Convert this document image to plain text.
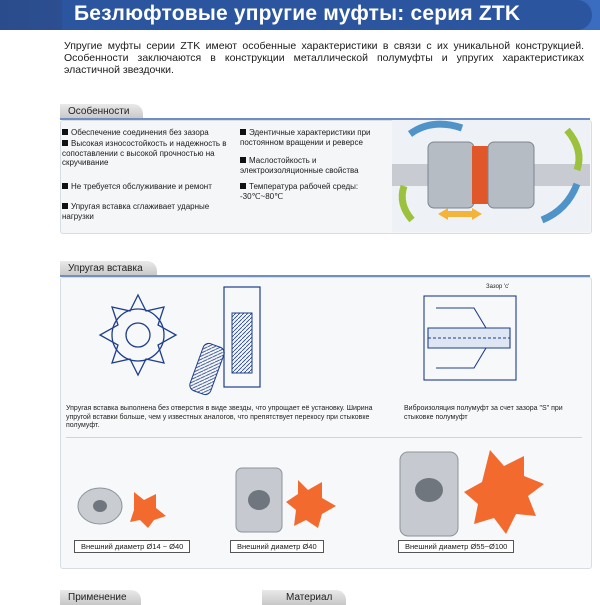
Безлюфтовые упругие муфты: серия ZTK
Упругие муфты серии ZTK имеют особенные характеристики в связи с их уникальной конструкцией. Особенности заключаются в конструкции металлической полумуфты и упругих характеристиках эластичной звездочки.
Особенности
Обеспечение соединения без зазора
Высокая износостойкость и надежность в сопоставлении с высокой прочностью на скручивание
Не требуется обслуживание и ремонт
Упругая вставка сглаживает ударные нагрузки
Эдентичные характеристики при постоянном вращении и реверсе
Маслостойкость и электроизоляционные свойства
Температура рабочей среды: -30℃~80℃
Упругая вставка
Зазор 'с'
Упругая вставка выполнена без отверстия в виде звезды, что упрощает её установку. Ширина упругой вставки больше, чем у известных аналогов, что препятствует перекосу при стыковке полумуфт.
Виброизоляция полумуфт за счет зазора "S" при стыковке полумуфт
Внешний диаметр Ø14 ~ Ø40	Внешний диаметр Ø40	Внешний диаметр Ø55~Ø100
Применение	Материал
